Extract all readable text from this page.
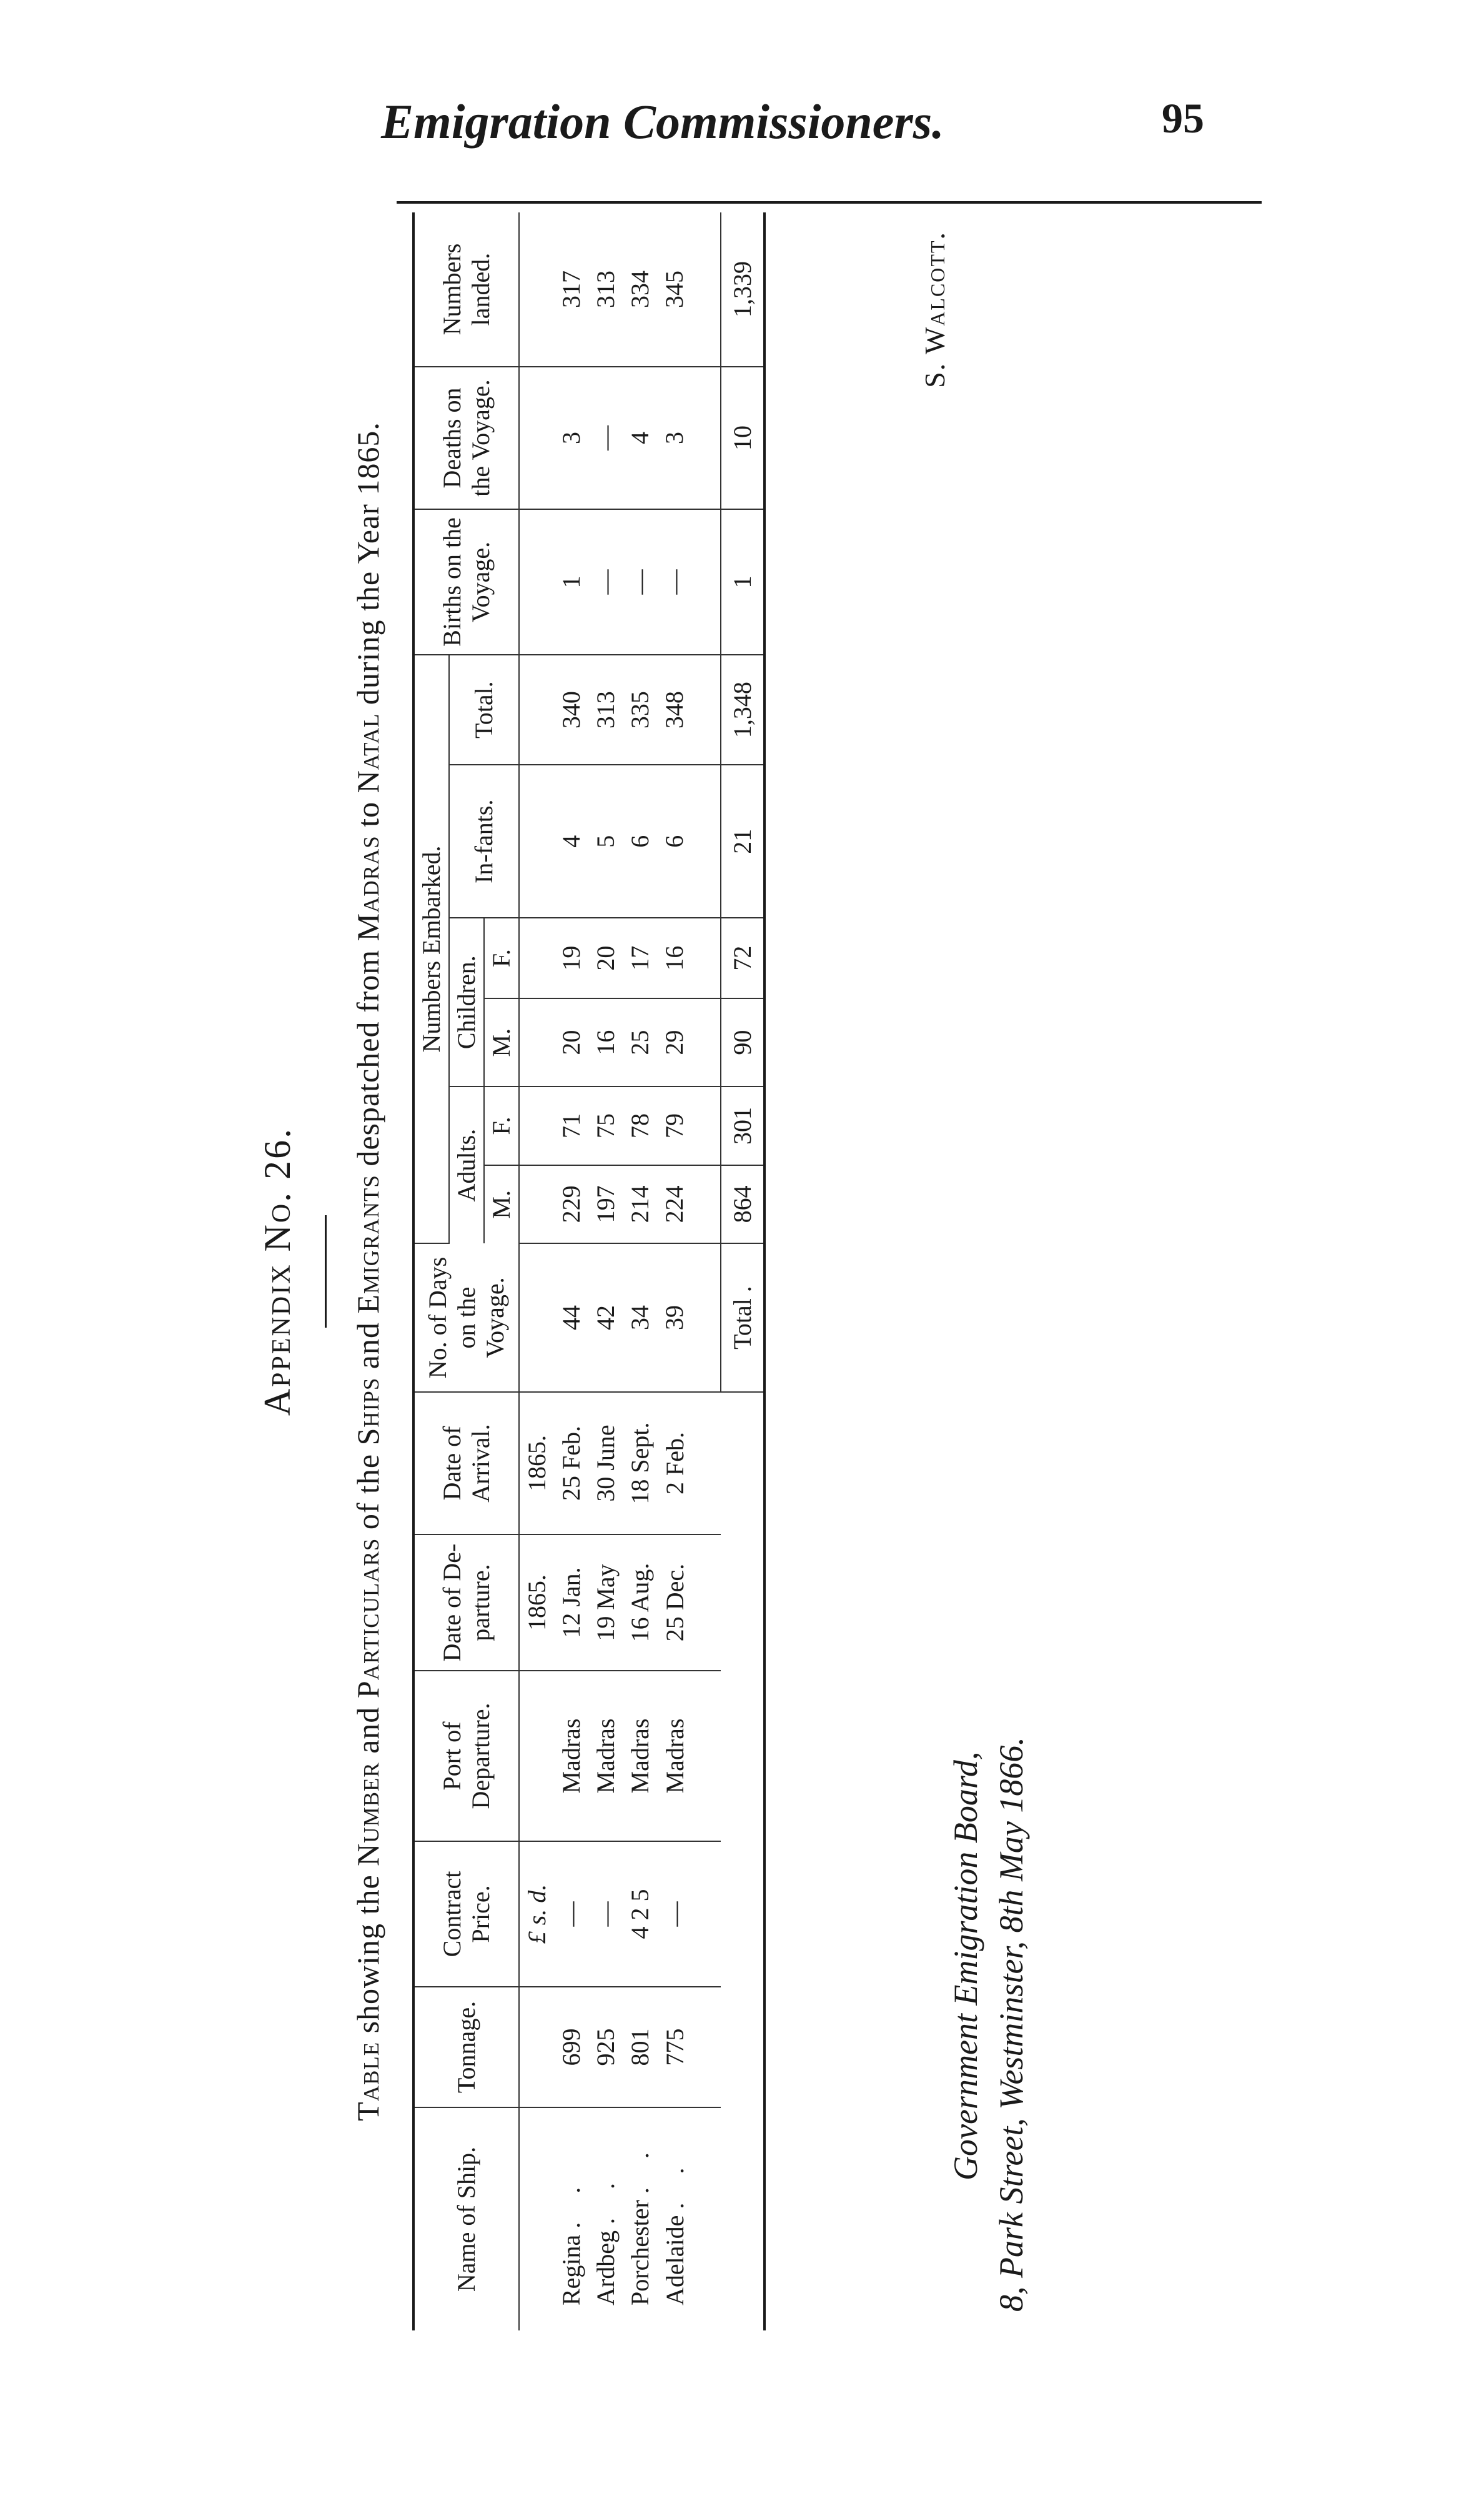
Emigration Commissioners.	95
Appendix No. 26.
Table showing the Number and Particulars of the Ships and Emigrants despatched from Madras to Natal during the Year 1865.
Name of Ship.	Tonnage.	Contract Price.	Port of Departure.	Date of De-parture.	Date of Arrival.	No. of Days on the Voyage.	Numbers Embarked.						Births on the Voyage.	Deaths on the Voyage.	Numbers landed.
							Adults.		Children.		In-fants.	Total.			
							M.	F.	M.	F.					
		£ s. d.		1865.	1865.										
Regina . .	699	—	Madras	12 Jan.	25 Feb.	44	229	71	20	19	4	340	1	3	317
Ardbeg . .	925	—	Madras	19 May	30 June	42	197	75	16	20	5	313	—	—	313
Porchester . .	801	4 2 5	Madras	16 Aug.	18 Sept.	34	214	78	25	17	6	335	—	4	334
Adelaide . .	775	—	Madras	25 Dec.	2 Feb.	39	224	79	29	16	6	348	—	3	345
						Total .	864	301	90	72	21	1,348	1	10	1,339	S. Walcott.
Government Emigration Board, 8, Park Street, Westminster, 8th May 1866.
